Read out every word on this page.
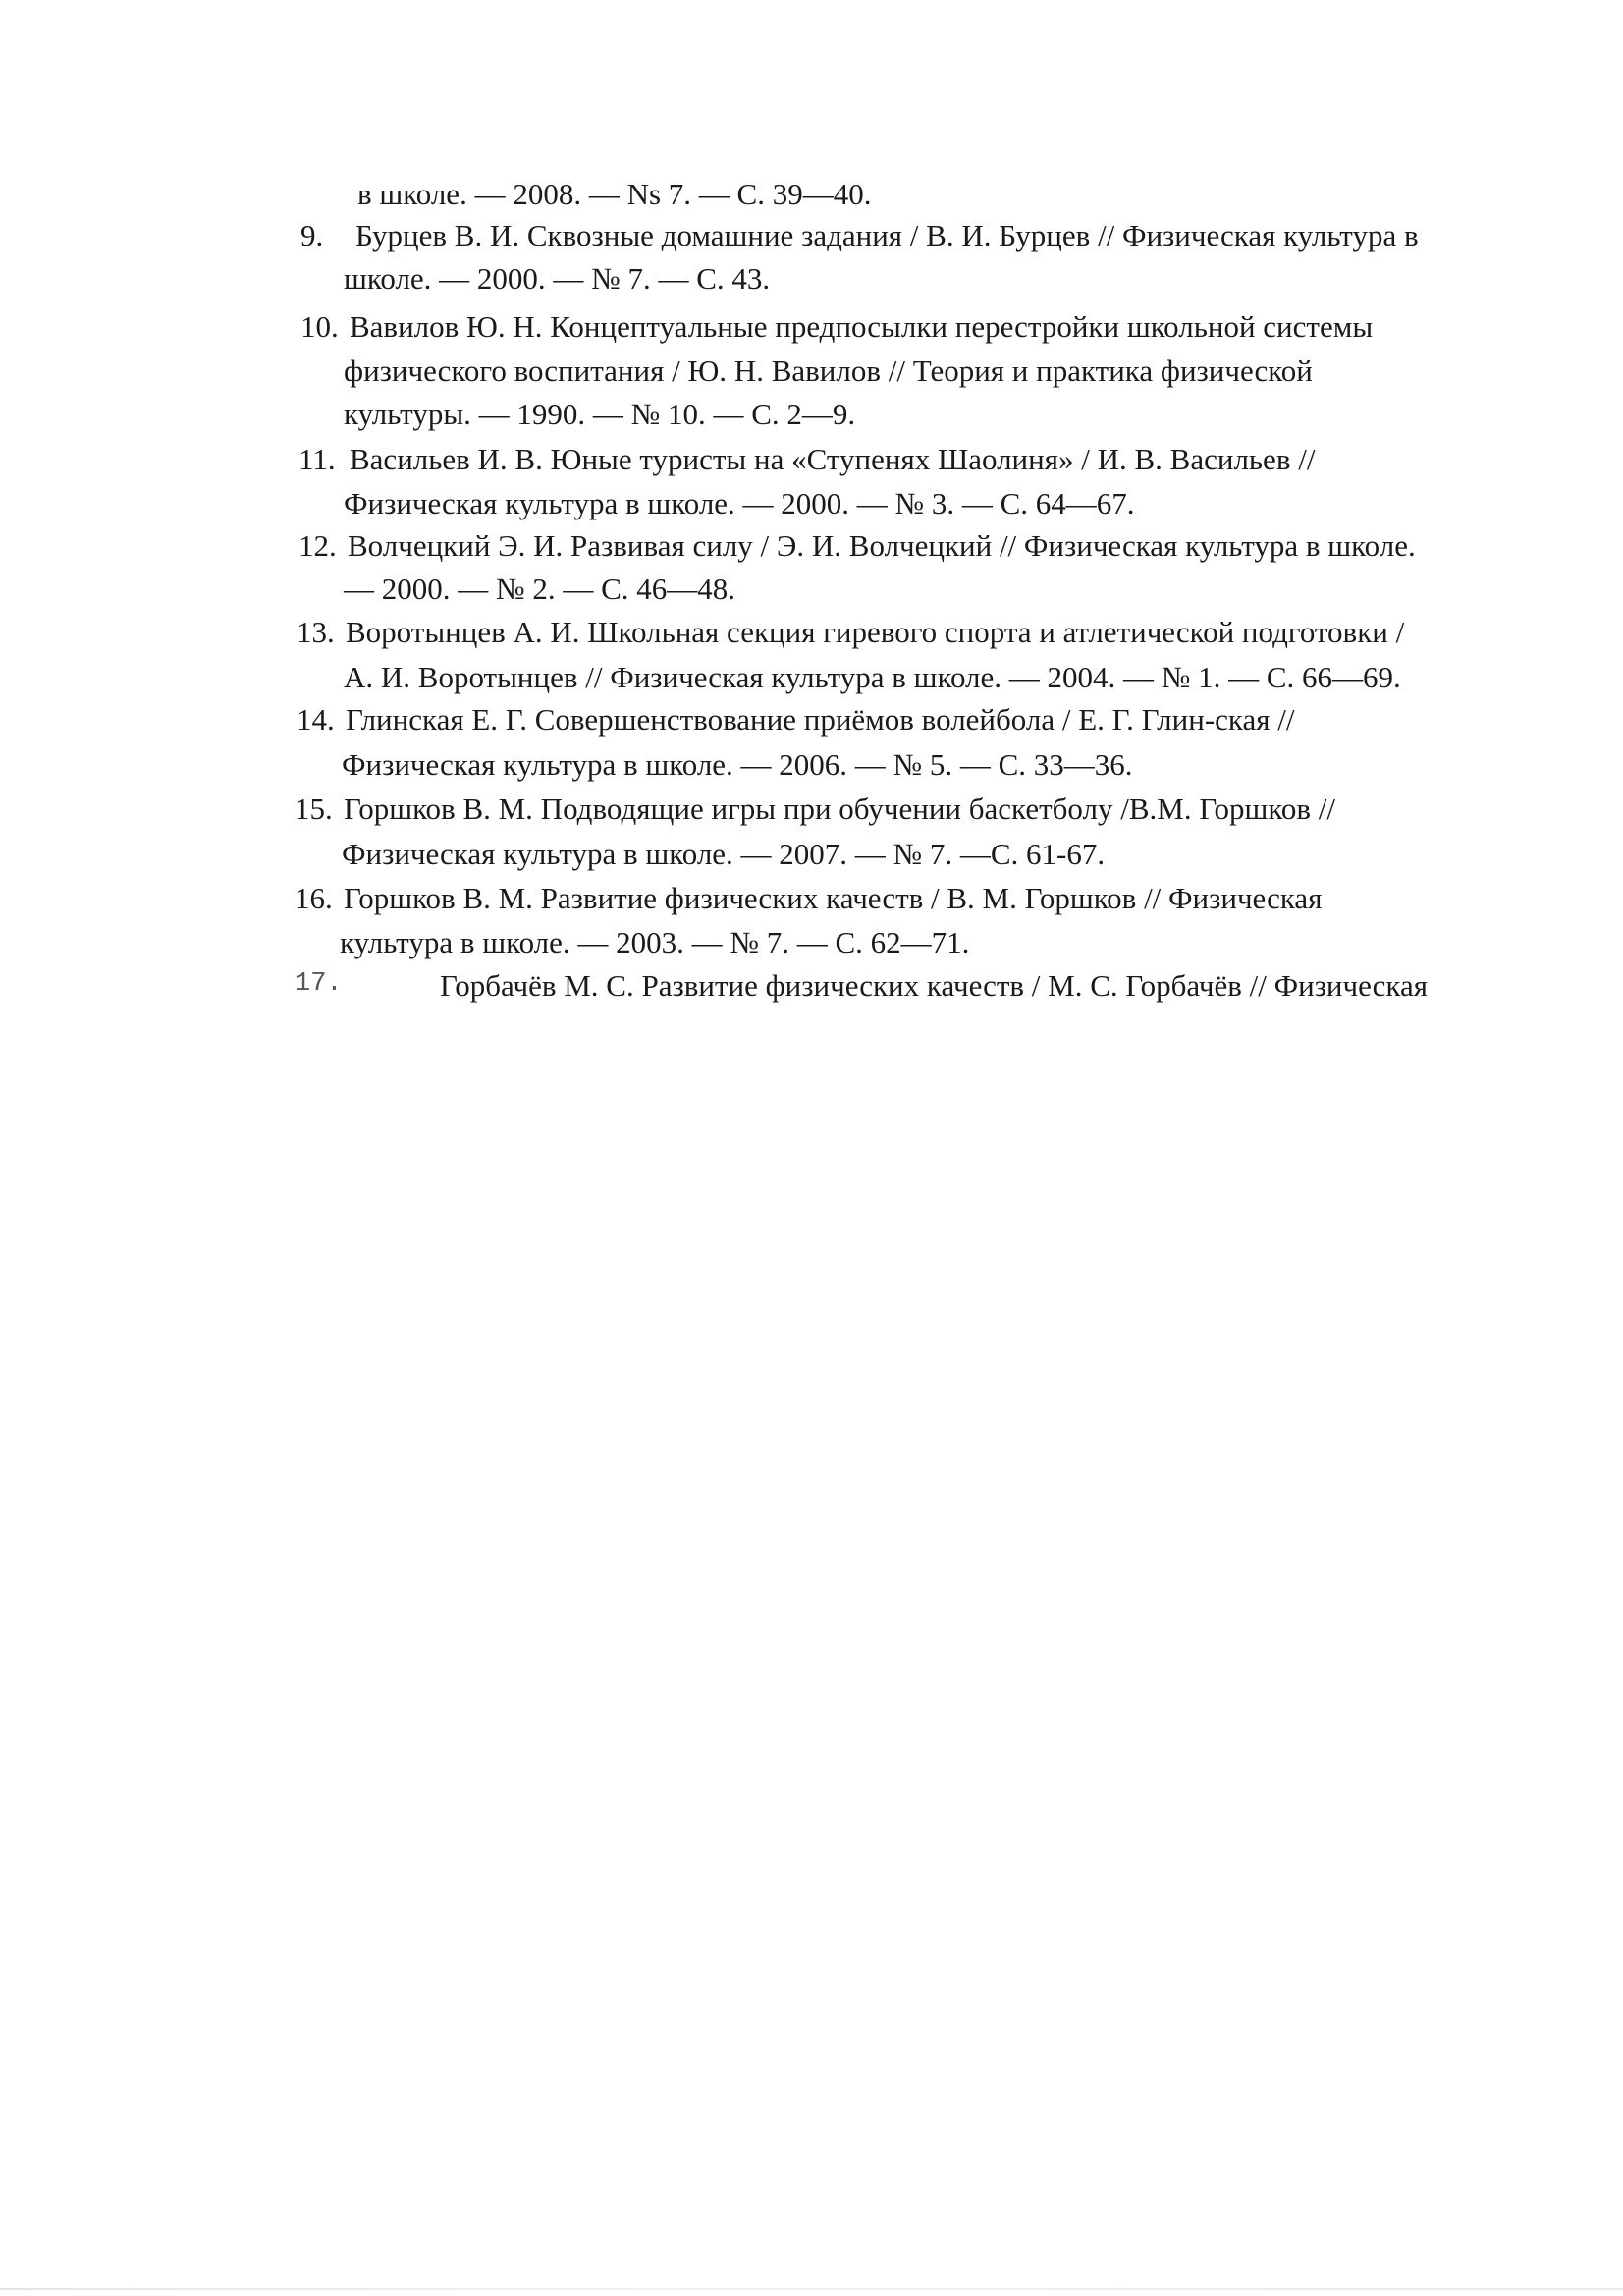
в школе. — 2008. — Ns 7. — С. 39—40.
9. Бурцев В. И. Сквозные домашние задания / В. И. Бурцев // Физическая культура в
школе. — 2000. — № 7. — С. 43.
10. Вавилов Ю. Н. Концептуальные предпосылки перестройки школьной системы
физического воспитания / Ю. Н. Вавилов // Теория и практика физической
культуры. — 1990. — № 10. — С. 2—9.
11. Васильев И. В. Юные туристы на «Ступенях Шаолиня» / И. В. Васильев //
Физическая культура в школе. — 2000. — № 3. — С. 64—67.
12. Волчецкий Э. И. Развивая силу / Э. И. Волчецкий // Физическая культура в школе.
— 2000. — № 2. — С. 46—48.
13. Воротынцев А. И. Школьная секция гиревого спорта и атлетической подготовки /
А. И. Воротынцев // Физическая культура в школе. — 2004. — № 1. — С. 66—69.
14. Глинская Е. Г. Совершенствование приёмов волейбола / Е. Г. Глин-ская //
Физическая культура в школе. — 2006. — № 5. — С. 33—36.
15. Горшков В. М. Подводящие игры при обучении баскетболу /В.М. Горшков //
Физическая культура в школе. — 2007. — № 7. —С. 61-67.
16. Горшков В. М. Развитие физических качеств / В. М. Горшков // Физическая
культура в школе. — 2003. — № 7. — С. 62—71.
17.	Горбачёв М. С. Развитие физических качеств / М. С. Горбачёв // Физическая
